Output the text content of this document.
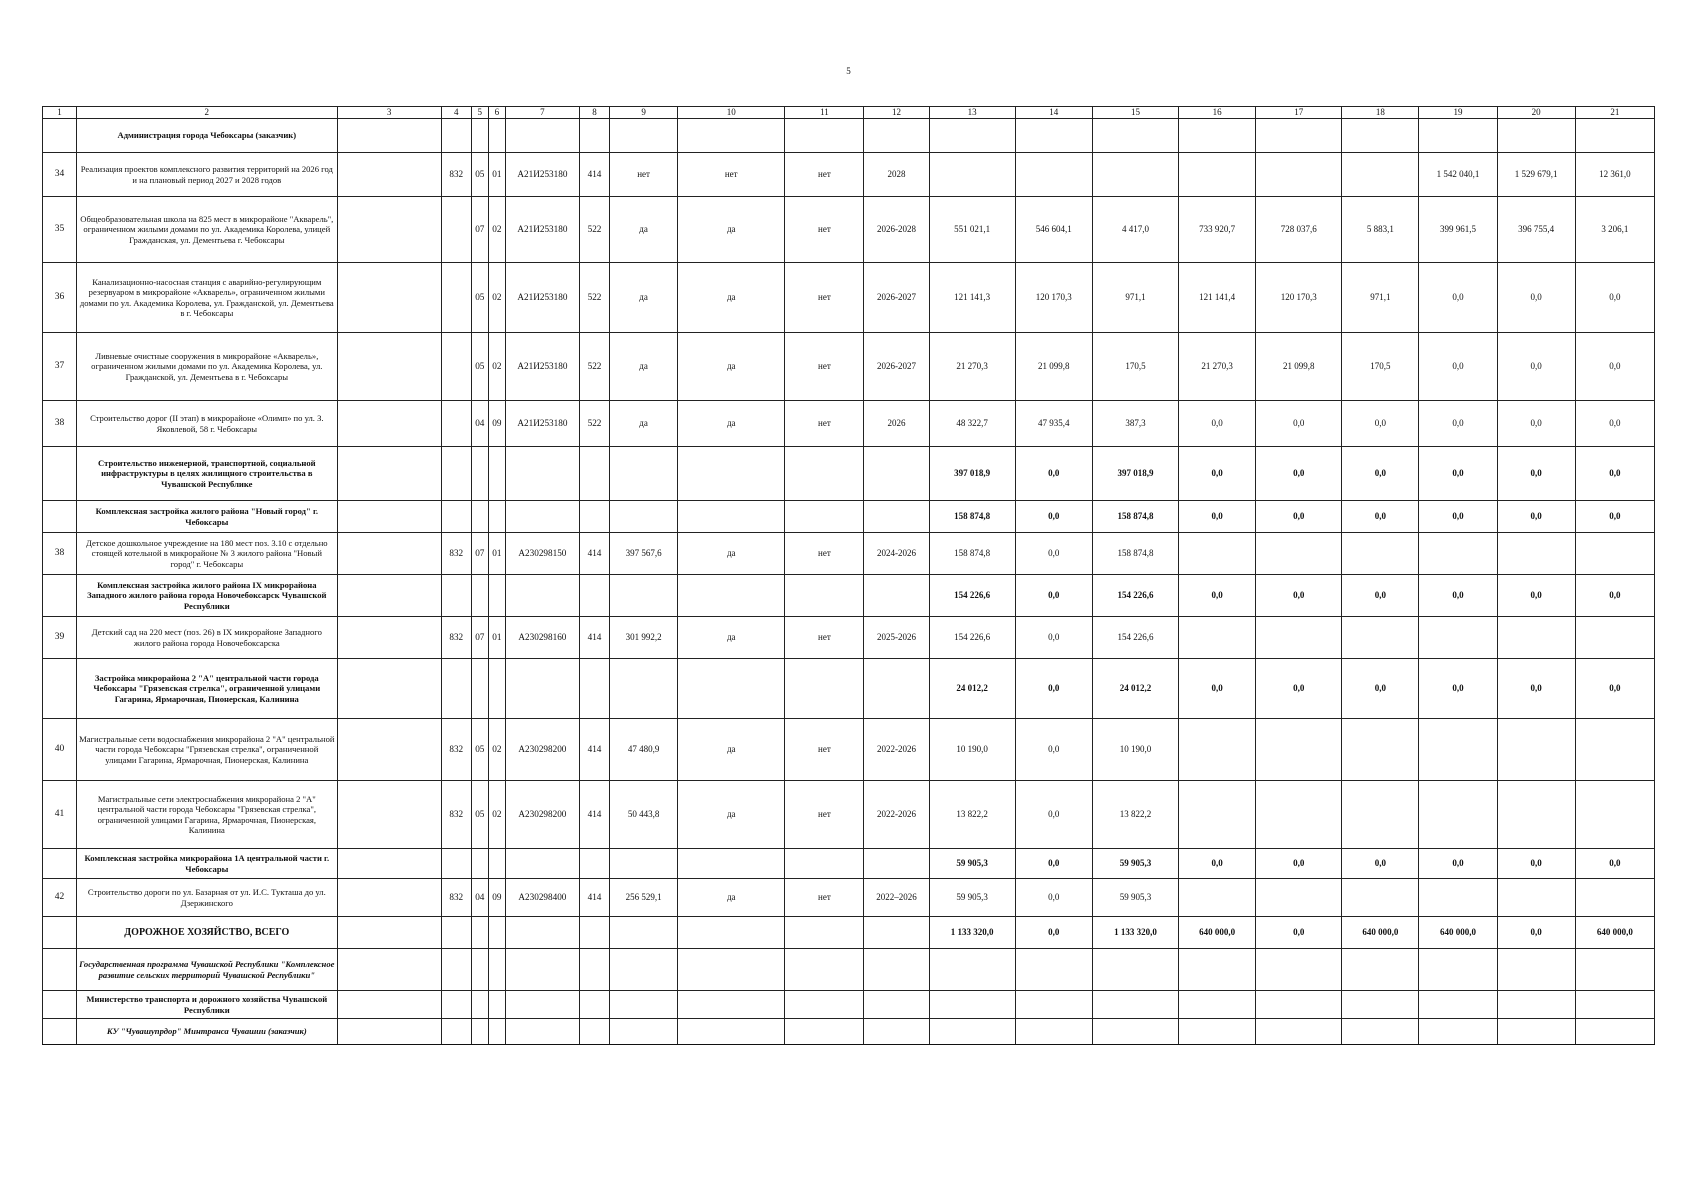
5
1	2	3	4	5	6	7	8	9	10	11	12	13	14	15	16	17	18	19	20	21
	Администрация города Чебоксары (заказчик)																			
34	Реализация проектов комплексного развития территорий на 2026 год и на плановый период 2027 и 2028 годов		832	05	01	А21И253180	414	нет	нет	нет	2028							1 542 040,1	1 529 679,1	12 361,0
35	Общеобразовательная школа на 825 мест в микрорайоне "Акварель", ограниченном жилыми домами по ул. Академика Королева, улицей Гражданская, ул. Дементьева г. Чебоксары			07	02	А21И253180	522	да	да	нет	2026-2028	551 021,1	546 604,1	4 417,0	733 920,7	728 037,6	5 883,1	399 961,5	396 755,4	3 206,1
36	Канализационно-насосная станция с аварийно-регулирующим резервуаром в микрорайоне «Акварель», ограниченном жилыми домами по ул. Академика Королева, ул. Гражданской, ул. Дементьева в г. Чебоксары			05	02	А21И253180	522	да	да	нет	2026-2027	121 141,3	120 170,3	971,1	121 141,4	120 170,3	971,1	0,0	0,0	0,0
37	Ливневые очистные сооружения в микрорайоне «Акварель», ограниченном жилыми домами по ул. Академика Королева, ул. Гражданской, ул. Дементьева в г. Чебоксары			05	02	А21И253180	522	да	да	нет	2026-2027	21 270,3	21 099,8	170,5	21 270,3	21 099,8	170,5	0,0	0,0	0,0
38	Строительство дорог (II этап) в микрорайоне «Олимп» по ул. З. Яковлевой, 58 г. Чебоксары			04	09	А21И253180	522	да	да	нет	2026	48 322,7	47 935,4	387,3	0,0	0,0	0,0	0,0	0,0	0,0
	Строительство инженерной, транспортной, социальной инфраструктуры в целях жилищного строительства в Чувашской Республике											397 018,9	0,0	397 018,9	0,0	0,0	0,0	0,0	0,0	0,0
	Комплексная застройка жилого района "Новый город" г. Чебоксары											158 874,8	0,0	158 874,8	0,0	0,0	0,0	0,0	0,0	0,0
38	Детское дошкольное учреждение на 180 мест поз. 3.10 с отдельно стоящей котельной в микрорайоне № 3 жилого района "Новый город" г. Чебоксары		832	07	01	А230298150	414	397 567,6	да	нет	2024-2026	158 874,8	0,0	158 874,8						
	Комплексная застройка жилого района IX микрорайона Западного жилого района города Новочебоксарск Чувашской Республики											154 226,6	0,0	154 226,6	0,0	0,0	0,0	0,0	0,0	0,0
39	Детский сад на 220 мест (поз. 26) в IX микрорайоне Западного жилого района города Новочебоксарска		832	07	01	А230298160	414	301 992,2	да	нет	2025-2026	154 226,6	0,0	154 226,6						
	Застройка микрорайона 2 "А" центральной части города Чебоксары "Грязевская стрелка", ограниченной улицами Гагарина, Ярмарочная, Пионерская, Калинина											24 012,2	0,0	24 012,2	0,0	0,0	0,0	0,0	0,0	0,0
40	Магистральные сети водоснабжения микрорайона 2 "А" центральной части города Чебоксары "Грязевская стрелка", ограниченной улицами Гагарина, Ярмарочная, Пионерская, Калинина		832	05	02	А230298200	414	47 480,9	да	нет	2022-2026	10 190,0	0,0	10 190,0						
41	Магистральные сети электроснабжения микрорайона 2 "А" центральной части города Чебоксары "Грязевская стрелка", ограниченной улицами Гагарина, Ярмарочная, Пионерская, Калинина		832	05	02	А230298200	414	50 443,8	да	нет	2022-2026	13 822,2	0,0	13 822,2						
	Комплексная застройка микрорайона 1А центральной части г. Чебоксары											59 905,3	0,0	59 905,3	0,0	0,0	0,0	0,0	0,0	0,0
42	Строительство дороги по ул. Базарная от ул. И.С. Тукташа до ул. Дзержинского		832	04	09	А230298400	414	256 529,1	да	нет	2022–2026	59 905,3	0,0	59 905,3						
	ДОРОЖНОЕ ХОЗЯЙСТВО, ВСЕГО											1 133 320,0	0,0	1 133 320,0	640 000,0	0,0	640 000,0	640 000,0	0,0	640 000,0
	Государственная программа Чувашской Республики "Комплексное развитие сельских территорий Чувашской Республики"																			
	Министерство транспорта и дорожного хозяйства Чувашской Республики																			
	КУ "Чувашупрдор" Минтранса Чувашии (заказчик)																			
